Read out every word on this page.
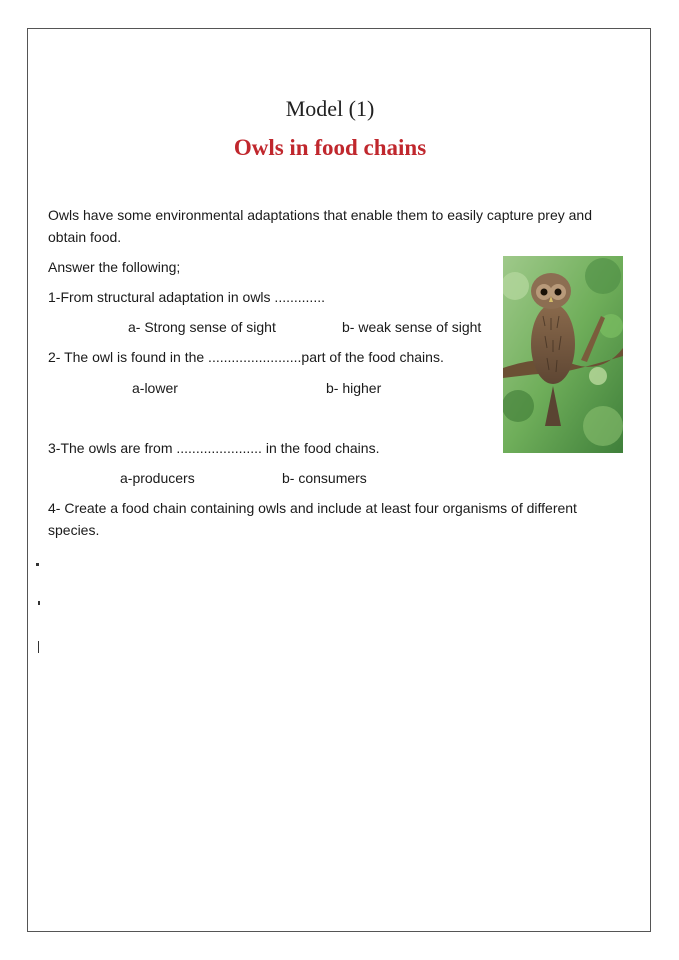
Model (1)
Owls in food chains
Owls have some environmental adaptations that enable them to easily capture prey and obtain food.
Answer the following;
1-From structural adaptation in owls .............
a- Strong sense of sight	b- weak sense of sight
2- The owl is found in the ........................part of the food chains.
a-lower	b- higher
3-The owls are from ...................... in the food chains.
a-producers	b- consumers
4- Create a food chain containing owls and include at least four organisms of different species.
